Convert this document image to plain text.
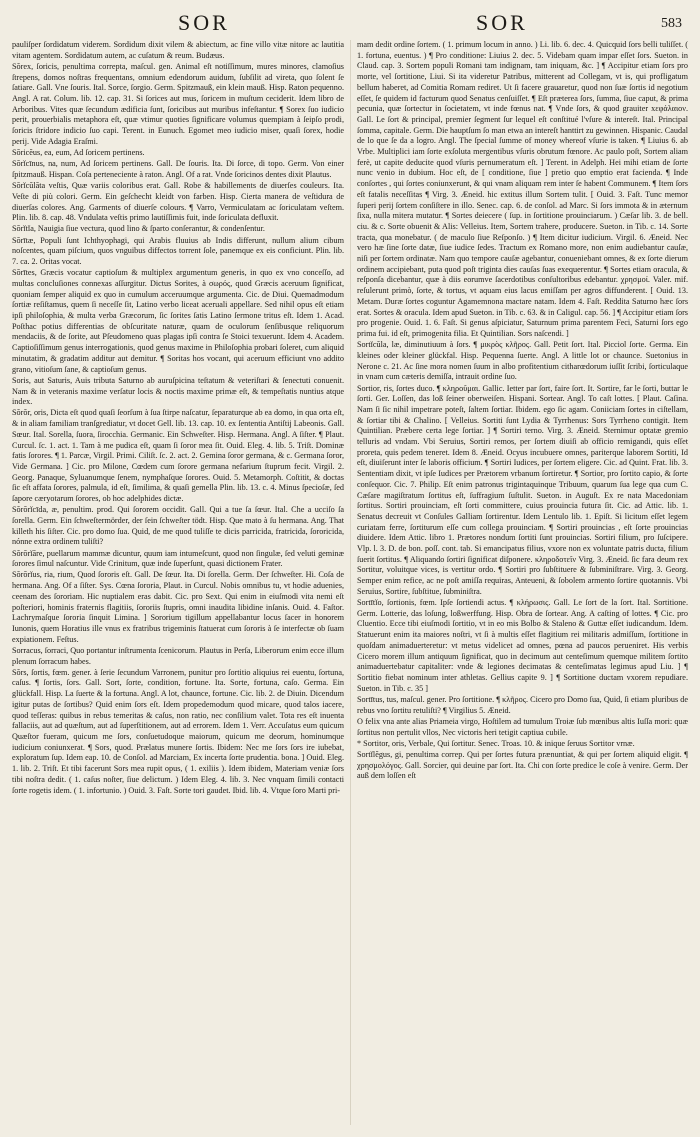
SOR	SOR	583

pauliſper ſordidatum viderem. Sordidum dixit vilem & abiectum, ac fine villo vitæ nitore ac lautitia vitam agentem. Sordidatum autem, ac cuſatum & reum. Budæus.

Sŏrex, ſoricis, penultima correpta, maſcul. gen. Animal eſt notiſſimum, mures minores, clamoſius ſtrepens, domos noſtras frequentans, omnium edendorum auidum, ſubſilit ad vireta, quo ſolent ſe ſatiare. Gall. Vne ſouris. Ital. Sorce, ſorgio. Germ. Spitzmauß, ein klein mauß. Hisp. Raton pequenno. Angl. A rat. Colum. lib. 12. cap. 31. Si ſorices aut mus, ſoricem in muſtum ceciderit. Idem libro de Arboribus. Vites quæ ſecundum ædificia ſunt, ſoricibus aut muribus infeſtantur. ¶ Sorex ſuo iudicio perit, prouerbialis metaphora eſt, quæ vtimur quoties ſignificare volumus quempiam à ſeipſo prodi, ſoricis ſtridore indicio ſuo capi. Terent. in Eunuch. Egomet meo iudicio miser, quaſi ſorex, hodie perij. Vide Adagia Eraſmi.

Sōricĕus, ea, eum, Ad ſoricem pertinens.

Sōrĭcīnus, na, num, Ad ſoricem pertinens. Gall. De ſouris. Ita. Di ſorce, di topo. Germ. Von einer ſpitzmauß. Hispan. Coſa perteneciente à raton. Angl. Of a rat. Vnde ſoricinos dentes dixit Plautus.

Sōrĭcŭlāta veſtis, Quæ variis coloribus erat. Gall. Robe & habillements de diuerſes couleurs. Ita. Veſte di più colori. Germ. Ein geſchecht kleidt von farben. Hisp. Cierta manera de veſtidura de diuerſas colores. Ang. Garments of diuerſe colours. ¶ Varro, Vermiculatam ac ſoriculatam veſtem. Plin. lib. 8. cap. 48. Vndulata veſtis primo lautiſſimis fuit, inde ſoriculata defluxit.

Sōrĭtĭa, Nauigia ſiue vectura, quod lino & ſparto conſerantur, & condenſentur.

Sōrītæ, Populi ſunt Ichthyophagi, qui Arabis fluuius ab Indis differunt, nullum alium cibum noſcentes, quam piſcium, quos vnguibus diffectos torrent ſole, panemque ex eis conficiunt. Plin. lib. 7. ca. 2. Oritas vocat.

Sōrītes, Græcis vocatur captioſum & multiplex argumentum generis, in quo ex vno conceſſo, ad multas concluſiones connexas aſſurgitur. Dictus Sorites, à σωρός, quod Græcis aceruum ſignificat, quoniam ſemper aliquid ex quo in cumulum acceruumque argumenta. Cic. de Diui. Quemadmodum ſortiæ reſiſtamus, quem ſi neceſſe ſit, Latino verbo liceat aceruali appellare. Sed nihil opus eſt etiam ipſi philoſophia, & multa verba Græcorum, ſic ſorites ſatis Latino ſermone tritus eſt. Idem 1. Acad. Poſthac potius differentias de obſcuritate naturæ, quam de oculorum ſenſibusque reliquorum mendaciis, & de ſorite, aut Pſeudomeno quas plagas ipſi contra ſe Stoici texuerunt. Idem 4. Academ. Captioſiſſimum genus interrogationis, quod genus maxime in Philoſophia probari ſoleret, cum aliquid minutatim, & gradatim additur aut demitur. ¶ Soritas hos vocant, qui aceruum efficiunt vno addito grano, vitioſum ſane, & captioſum genus.

Soris, aut Saturis, Auis tributa Saturno ab auruſpicina teſtatum & veteriſtari & ſenectuti conuenit. Nam & in veteranis maxime verſatur locis & noctis maxime primæ eſt, & tempeſtatis nuntius atque index.

Sŏrŏr, oris, Dicta eſt quod quaſi ſeorſum à ſua ſtirpe naſcatur, ſeparaturque ab ea domo, in qua orta eſt, & in aliam familiam tranſgrediatur, vt docet Gell. lib. 13. cap. 10. ex ſententia Antiſtij Labeonis. Gall. Sœur. Ital. Sorella, ſuora, ſirocchia. Germanic. Ein Schweſter. Hisp. Hermana. Angl. A ſiſter. ¶ Plaut. Curcul. ſc. 1. act. 1. Tam à me pudica eſt, quam ſi ſoror mea ſit. Ouid. Eleg. 4. lib. 5. Triſt. Dominæ fatis ſorores. ¶ 1. Parcæ, Virgil. Primi. Ciliſt. ſc. 2. act. 2. Gemina ſoror germana, & c. Germana ſoror, Vide Germana. ] Cic. pro Milone, Cœdem cum ſorore germana nefarium ſtuprum fecit. Virgil. 2. Georg. Panaque, Syluanumque ſenem, nymphaſque ſorores. Ouid. 5. Metamorph. Coſtitit, & doctas ſic eſt affata ſorores, palmula, id eſt, ſimilima, & quaſi gemella Plin. lib. 13. c. 4. Minus ſpecioſæ, ſed ſapore cæryotarum ſorores, ob hoc adelphides dictæ.

Sŏrōrĭcīda, æ, penultim. prod. Qui ſororem occidit. Gall. Qui a tue ſa ſœur. Ital. Che a ucciſo ſa ſorella. Germ. Ein ſchweſtermörder, der ſein ſchweſter tödt. Hisp. Que mato à ſu hermana. Ang. That killeth his ſiſter. Cic. pro domo ſua. Quid, de me quod tuliſſe te dicis parricida, fratricida, ſororicida, nónne extra ordinem tuliſti?

Sŏrōrĭāre, puellarum mammæ dicuntur, quum iam intumeſcunt, quod non ſingulæ, ſed veluti geminæ ſorores ſimul naſcuntur. Vide Crinitum, quæ inde ſuperſunt, quasi dictionem Frater.

Sŏrōrĭus, ria, rium, Quod ſororis eſt. Gall. De ſœur. Ita. Di ſorella. Germ. Der ſchweſter. Hi. Coſa de hermana. Ang. Of a ſiſter. Sys. Cœna ſororia, Plaut. in Curcul. Nobis omnibus tu, vt hodie aduenies, ceenam des ſororiam. Hic nuptialem eras dabit. Cic. pro Sext. Qui enim in eiuſmodi vita nemi eſt poſteriori, hominis fraternis flagitiis, ſororiis ſtupris, omni inaudita libidine inſanis. Ouid. 4. Faſtor. Lachrymaſque ſororia ſinquit Limina. ] Sororium tigillum appellabantur locus ſacer in honorem Iunonis, quem Horatius ille vnus ex fratribus trigeminis ſtatuerat cum ſororis à ſe interfectæ ob ſuam expiationem. Feſtus.

Sorracus, ſorraci, Quo portantur inſtrumenta ſcenicorum. Plautus in Perſa, Liberorum enim ecce illum plenum ſorracum habes.

Sŏrs, ſortis, fœm. gener. à ſerie ſecundum Varronem, punitur pro ſortitio aliquius rei euentu, ſortuna, caſus. ¶ ſortis, ſors. Gall. Sort, ſorte, condition, fortune. Ita. Sorte, fortuna, caſo. Germa. Ein glückfall. Hisp. La ſuerte & la fortuna. Angl. A lot, chaunce, fortune. Cic. lib. 2. de Diuin. Dicendum igitur putas de ſortibus? Quid enim ſors eſt. Idem propedemodum quod micare, quod talos iacere, quod teſſeras: quibus in rebus temeritas & caſus, non ratio, nec conſilium valet. Tota res eſt inuenta fallaciis, aut ad quæſtum, aut ad ſuperſtitionem, aut ad errorem. Idem 1. Verr. Accuſatus eum quicum Quæſtor fueram, quicum me ſors, conſuetudoque maiorum, quicum me deorum, hominumque iudicium coniunxerat. ¶ Sors, quod. Prælatus munere ſortis. Ibidem: Nec me ſors ſors ire iubebat, exploratum ſup. Idem eap. 10. de Conſol. ad Marciam, Ex incerta ſorte prudentia. bona. ] Ouid. Eleg. 1. lib. 2. Triſt. Et tibi facerunt Sors mea rupit opus, ( 1. exiliis ). Idem ibidem, Materiam veniæ ſors tibi noſtra dedit. ( 1. caſus noſter, ſiue delictum. ) Idem Eleg. 4. lib. 3. Nec vnquam ſimili contacti ſorte rogetis idem. ( 1. infortunio. ) Ouid. 3. Faſt. Sorte tori gaudet. Ibid. lib. 4. Vtque ſoro Marti pri-

mam dedit ordine ſortem. ( 1. primum locum in anno. ) Li. lib. 6. dec. 4. Quicquid ſors belli tuliſſet. ( 1. fortuna, euentus. ) ¶ Pro conditione: Liuius 2. dec. 5. Videbam quam impar eſſet ſors. Sueton. in Claud. cap. 3. Sortem populi Romani tam indignam, tam iniquam, &c. ] ¶ Accipitur etiam ſors pro morte, vel ſortitione, Liui. Si ita videretur Patribus, mitterent ad Collegam, vt is, qui profligatum bellum haberet, ad Comitia Romam rediret. Ut ſi facere grauaretur, quod non ſuæ ſortis id negotium eſſet, ſe quidem id facturum quod Senatus cenſuiſſet. ¶ Eſt præterea ſors, ſumma, ſiue caput, & prima pecunia, quæ ſortectur in ſocietatem, vt inde fœnus nat. ¶ Vnde ſors, & quod grauiter xεφάλαιον. Gall. Le ſort & principal, premier ſegment ſur lequel eſt conſtitué l'vſure & intereſt. Ital. Principal ſomma, capitale. Germ. Die hauptſum ſo man etwa an intereſt hanttirt zu gewinnen. Hispanic. Caudal de lo que ſe da a logro. Angl. The ſpecial ſumme of money whereof vſurie is taken. ¶ Liuius 6. ab Vrbe. Multiplici iam ſorte exſoluta mergentibus vſuris obrutum fœnore. Ac paulo poſt, Sortem aliam ferè, ut capite deducite quod vſuris pernumeratum eſt. ] Terent. in Adelph. Hei mihi etiam de ſorte nunc venio in dubium. Hoc eſt, de [ conditione, ſiue ] pretio quo emptio erat facienda. ¶ Inde conſortes , qui ſortes coniunxerunt, & qui vnam aliquam rem inter ſe habent Communem. ¶ Item ſors eſt fatalis neceſſitas ¶ Virg. 3. Æneid. hic extitus illum Sortem tulit. [ Ouid. 3. Faſt. Tunc memor ſuperi perij ſortem conſiſtere in illo. Senec. cap. 6. de conſol. ad Marc. Si ſors immota & in æternum ſixa, nulla mitera mutatur. ¶ Sortes deiecere ( ſup. in ſortitione prouinciarum. ) Cæſar lib. 3. de bell. ciu. & c. Sorte obuenit & Alis: Velleius. Item, Sortem trahere, producere. Sueton. in Tib. c. 14. Sorte tracta, qua monebatur. ( de maculo ſiue Reſponſo. ) ¶ Item dicitur iudicium. Virgil. 6. Æneid. Nec vero hæ ſine ſorte datæ, ſiue iudice ſedes. Tractum ex Romano more, non enim audiebantur cauſæ, niſi per ſortem ordinatæ. Nam quo tempore cauſæ agebantur, conueniebant omnes, & ex ſorte dierum ordinem accipiebant, putа quod poſt triginta dies cauſas ſuas exequerentur. ¶ Sortes etiam oracula, & reſponſa dicebantur, quæ à diis eorumve ſacerdotibus conſultoribus edebantur. χρησμοί. Valer. mif. reſulerunt primò, ſorte, & tortus, vt aquam eius lacus emiſſam per agros diffunderent. [ Ouid. 13. Metam. Duræ ſortes coguntur Agamemnona mactare natam. Idem 4. Faſt. Reddita Saturno hæc ſors erat. Sortes & oracula. Idem apud Sueton. in Tib. c. 63. & in Caligul. cap. 56. ] ¶ Accipitur etiam ſors pro progenie. Ouid. 1. 6. Faſt. Si genus aſpiciatur, Saturnum prima parentem Feci, Saturni ſors ego prima fui. id eſt, primogenita filia. Et Quintilian. Sors naſcendi. ]

Sortĭcŭla, læ, diminutiuum à ſors. ¶ μικρὸς κλῆρος. Gall. Petit ſort. Ital. Picciol ſorte. Germa. Ein kleines oder kleiner glückfal. Hisp. Pequenna ſuerte. Angl. A little lot or chaunce. Suetonius in Nerone c. 21. Ac ſine mora nomen ſuum in albo profitentium citharœdorum iuſſit ſcribi, ſorticulaque in vnam cum cæteris demiſſa, intrauit ordine ſuo.

Sortior, ris, ſortes duco. ¶ κληροῦμαι. Gallic. Ietter par ſort, faire ſort. It. Sortire, far le ſorti, buttar le ſorti. Ger. Loſſen, das loß ſeiner oberweiſen. Hispani. Sortear. Angl. To caſt lottes. [ Plaut. Caſina. Nam ſi ſic nihil impetrare poteſt, ſaltem ſortiar. Ibidem. ego ſic agam. Coniiciam ſortes in ciſtellam, & ſortiar tibi & Chalino. [ Velleius. Sortiti ſunt Lydia & Tyrrhenus: Sors Tyrrheno contigit. Item Quintilian. Præbere certa lege ſortiar. ] ¶ Sortiri terno. Virg. 3. Æneid. Sternimur optatæ gremio telluris ad vndam. Vbi Seruius, Sortiri remos, per ſortem diuiſi ab officio remigandi, quis eſſet proreta, quis pedem teneret. Idem 8. Æneid. Ocyus incubuere omnes, pariterque laborem Sortiti, Id eſt, diuiſerunt inter ſe laboris officium. ¶ Sortiri Iudices, per ſortem eligere. Cic. ad Quint. Frat. lib. 3. Sententiam dixit, vt ipſe Iudices per Prætorem vrbanum ſortiretur. ¶ Sortior, pro ſortito capio, & ſorte conſequor. Cic. 7. Philip. Eſt enim patronus trigintaquinque Tribuum, quarum ſua lege qua cum C. Cæſare magiſtratum ſortitus eſt, ſuffragium ſuſtulit. Sueton. in Auguſt. Ex re nata Macedoniam ſortitus. Sortiri prouinciam, eſt ſorti committere, cuius prouincia futura ſit. Cic. ad Attic. lib. 1. Senatus decreuit vt Conſules Galliam ſortirentur. Idem Lentulo lib. 1. Epiſt. Si licitum eſſet legem curiatam ferre, ſortiturum eſſe cum collega prouinciam. ¶ Sortiri prouincias , eſt ſorte prouincias diuidere. Idem Attic. libro 1. Prætores nondum ſortiti ſunt prouincias. Sortiri filium, pro ſuſcipere. Vlp. l. 3. D. de bon. poſſ. cont. tab. Si emancipatus filius, vxore non ex voluntate patris ducta, filium ſuerit ſortitus. ¶ Aliquando ſortiri ſignificat diſponere. κληροδοτεῖν Virg. 3. Æneid. ſic fara deum rex Sortitur, voluitque vices, is vertitur ordo. ¶ Sortiri pro ſubſtituere & ſubminiſtrare. Virg. 3. Georg. Semper enim refice, ac ne poſt amiſſa requiras, Anteueni, & ſobolem armento ſortire quotannis. Vbi Seruius, Sortire, ſubſtitue, ſubminiſtra.

Sortītĭo, ſortionis, fœm. Ipſe ſortiendi actus. ¶ κλήρωσις. Gall. Le ſort de la ſort. Ital. Sortitione. Germ. Lotterie, das loſung, loßwerffung. Hisp. Obra de ſortear. Ang. A caſting of lottes. ¶ Cic. pro Cluentio. Ecce tibi eiuſmodi ſortitio, vt in eo mis Bolbo & Staleno & Guttæ eſſet iudicandum. Idem. Statuerunt enim ita maiores noſtri, vt ſi à multis eſſet flagitium rei militaris admiſſum, ſortitione in quoſdam animaduerteretur: vt metus videlicet ad omnes, pœna ad paucos perueniret. His verbis Cicero morem illum antiquum ſignificat, quo in decimum aut centeſimum quemque militem ſortito animaduertebatur capitaliter: vnde & legiones decimatas & centeſimatas legimus apud Liu. ] ¶ Sortitio fiebat nominum inter athletas. Gellius capite 9. ] ¶ Sortitione ductam vxorem repudiare. Sueton. in Tib. c. 35 ]

Sortītus, tus, maſcul. gener. Pro ſortitione. ¶ κλῆρος. Cicero pro Domo ſua, Quid, ſi etiam pluribus de rebus vno ſortitu retuliſti? ¶ Virgilius 5. Æneid.

O felix vna ante alias Priameia virgo, Hoſtilem ad tumulum Troiæ ſub mœnibus altis Iuſſa mori: quæ ſortitus non pertulit vllos, Nec victoris heri tetigit captiua cubile.

* Sortitor, oris, Verbale, Qui ſortitur. Senec. Troas. 10. & inique ſeruus Sortitor vrnæ.

Sortĭlĕgus, gi, penultima correp. Qui per ſortes futura prænuntiat, & qui per ſortem aliquid eligit. ¶ χρησμολόγος. Gall. Sorcier, qui deuine par ſort. Ita. Chi con ſorte predice le coſe à venire. Germ. Der auß dem loſſen eſt
